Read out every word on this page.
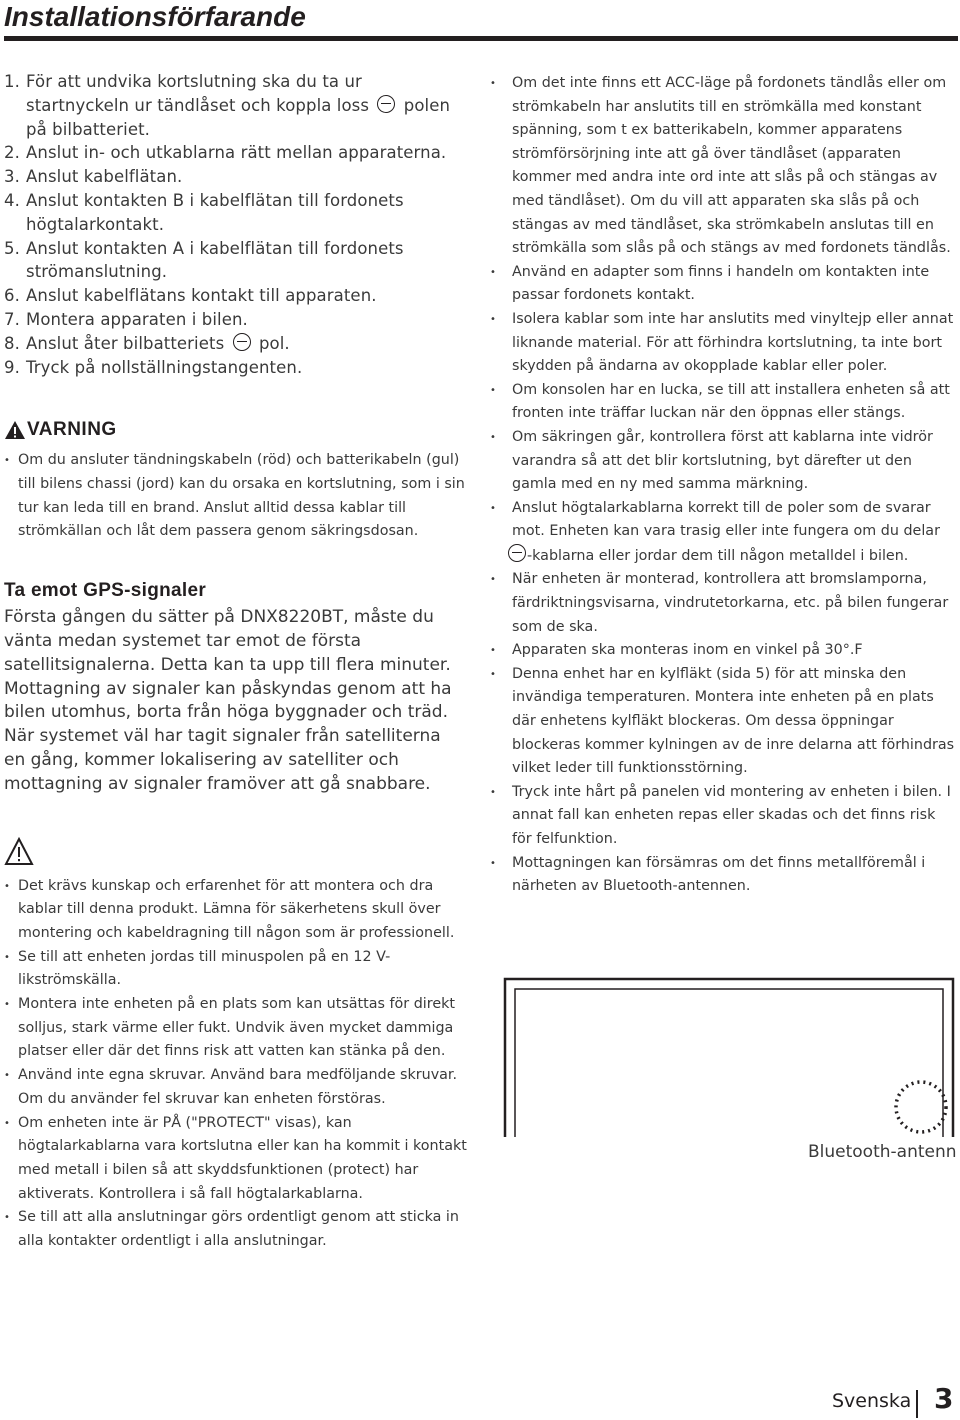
Installationsförfarande
1. För att undvika kortslutning ska du ta ur startnyckeln ur tändlåset och koppla loss  polen på bilbatteriet.
2. Anslut in- och utkablarna rätt mellan apparaterna.
3. Anslut kabelflätan.
4. Anslut kontakten B i kabelflätan till fordonets högtalarkontakt.
5. Anslut kontakten A i kabelflätan till fordonets strömanslutning.
6. Anslut kabelflätans kontakt till apparaten.
7. Montera apparaten i bilen.
8. Anslut åter bilbatteriets  pol.
9. Tryck på nollställningstangenten.
VARNING
• Om du ansluter tändningskabeln (röd) och batterikabeln (gul) till bilens chassi (jord) kan du orsaka en kortslutning, som i sin tur kan leda till en brand. Anslut alltid dessa kablar till strömkällan och låt dem passera genom säkringsdosan.
Ta emot GPS-signaler
Första gången du sätter på DNX8220BT, måste du vänta medan systemet tar emot de första satellitsignalerna. Detta kan ta upp till flera minuter. Mottagning av signaler kan påskyndas genom att ha bilen utomhus, borta från höga byggnader och träd. När systemet väl har tagit signaler från satelliterna en gång, kommer lokalisering av satelliter och mottagning av signaler framöver att gå snabbare.
• Det krävs kunskap och erfarenhet för att montera och dra kablar till denna produkt. Lämna för säkerhetens skull över montering och kabeldragning till någon som är professionell.
• Se till att enheten jordas till minuspolen på en 12 V-likströmskälla.
• Montera inte enheten på en plats som kan utsättas för direkt solljus, stark värme eller fukt. Undvik även mycket dammiga platser eller där det finns risk att vatten kan stänka på den.
• Använd inte egna skruvar. Använd bara medföljande skruvar. Om du använder fel skruvar kan enheten förstöras.
• Om enheten inte är PÅ ("PROTECT" visas), kan högtalarkablarna vara kortslutna eller kan ha kommit i kontakt med metall i bilen så att skyddsfunktionen (protect) har aktiverats. Kontrollera i så fall högtalarkablarna.
• Se till att alla anslutningar görs ordentligt genom att sticka in alla kontakter ordentligt i alla anslutningar.
• Om det inte finns ett ACC-läge på fordonets tändlås eller om strömkabeln har anslutits till en strömkälla med konstant spänning, som t ex batterikabeln, kommer apparatens strömförsörjning inte att gå över tändlåset (apparaten kommer med andra inte ord inte att slås på och stängas av med tändlåset). Om du vill att apparaten ska slås på och stängas av med tändlåset, ska strömkabeln anslutas till en strömkälla som slås på och stängs av med fordonets tändlås.
• Använd en adapter som finns i handeln om kontakten inte passar fordonets kontakt.
• Isolera kablar som inte har anslutits med vinyltejp eller annat liknande material. För att förhindra kortslutning, ta inte bort skydden på ändarna av okopplade kablar eller poler.
• Om konsolen har en lucka, se till att installera enheten så att fronten inte träffar luckan när den öppnas eller stängs.
• Om säkringen går, kontrollera först att kablarna inte vidrör varandra så att det blir kortslutning, byt därefter ut den gamla med en ny med samma märkning.
• Anslut högtalarkablarna korrekt till de poler som de svarar mot. Enheten kan vara trasig eller inte fungera om du delar -kablarna eller jordar dem till någon metalldel i bilen.
• När enheten är monterad, kontrollera att bromslamporna, färdriktningsvisarna, vindrutetorkarna, etc. på bilen fungerar som de ska.
• Apparaten ska monteras inom en vinkel på 30°.F
• Denna enhet har en kylfläkt (sida 5) för att minska den invändiga temperaturen. Montera inte enheten på en plats där enhetens kylfläkt blockeras. Om dessa öppningar blockeras kommer kylningen av de inre delarna att förhindras vilket leder till funktionsstörning.
• Tryck inte hårt på panelen vid montering av enheten i bilen. I annat fall kan enheten repas eller skadas och det finns risk för felfunktion.
• Mottagningen kan försämras om det finns metallföremål i närheten av Bluetooth-antennen.
Bluetooth-antenn
Svenska 3
